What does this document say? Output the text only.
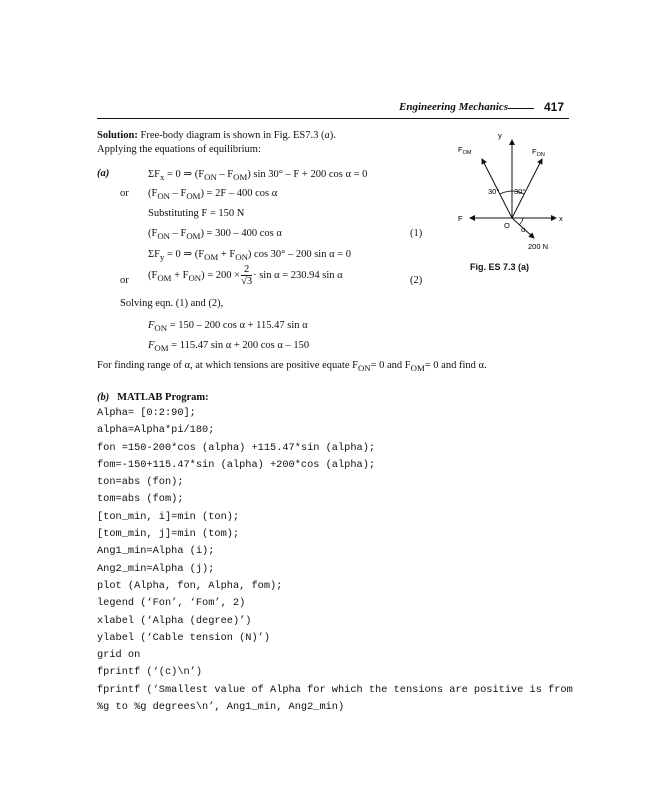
Engineering Mechanics	417
Solution: Free-body diagram is shown in Fig. ES7.3 (a).
Applying the equations of equilibrium:
(a)	$\Sigma F_x = 0$ ⇒ $(F_{ON} - F_{OM})$ sin 30° – F + 200 cos α = 0
or $(F_{ON} - F_{OM}) = 2F - 400$ cos α
Substituting F = 150 N
$(F_{ON} - F_{OM}) = 300 - 400$ cos α	(1)
$\Sigma F_y = 0$ ⇒ $(F_{OM} + F_{ON})$ cos 30° – 200 sin α = 0
or $(F_{OM} + F_{ON}) = 200 \times \frac{2}{√3} \cdot \sin \alpha = 230.94$ sin α	(2)
Solving eqn. (1) and (2),
$F_{ON} = 150 - 200$ cos α + 115.47 sin α
$F_{OM} = 115.47$ sin α + 200 cos α – 150
For finding range of α, at which tensions are positive equate $F_{ON}= 0$ and $F_{OM}= 0$ and find α.
(b) MATLAB Program:
Alpha= [0:2:90];
alpha=Alpha*pi/180;
fon =150-200*cos (alpha) +115.47*sin (alpha);
fom=-150+115.47*sin (alpha) +200*cos (alpha);
ton=abs (fon);
tom=abs (fom);
[ton_min, i]=min (ton);
[tom_min, j]=min (tom);
Ang1_min=Alpha (i);
Ang2_min=Alpha (j);
plot (Alpha, fon, Alpha, fom);
legend (‘Fon’, ‘Fom’, 2)
xlabel (‘Alpha (degree)’)
ylabel (‘Cable tension (N)’)
grid on
fprintf (‘(c)\n’)
fprintf (‘Smallest value of Alpha for which the tensions are positive is from
%g to %g degrees\n’, Ang1_min, Ang2_min)
y
x
$F_{OM}$	$F_{ON}$
F
O α
200 N
30° 30°
Fig. ES 7.3 (a)
